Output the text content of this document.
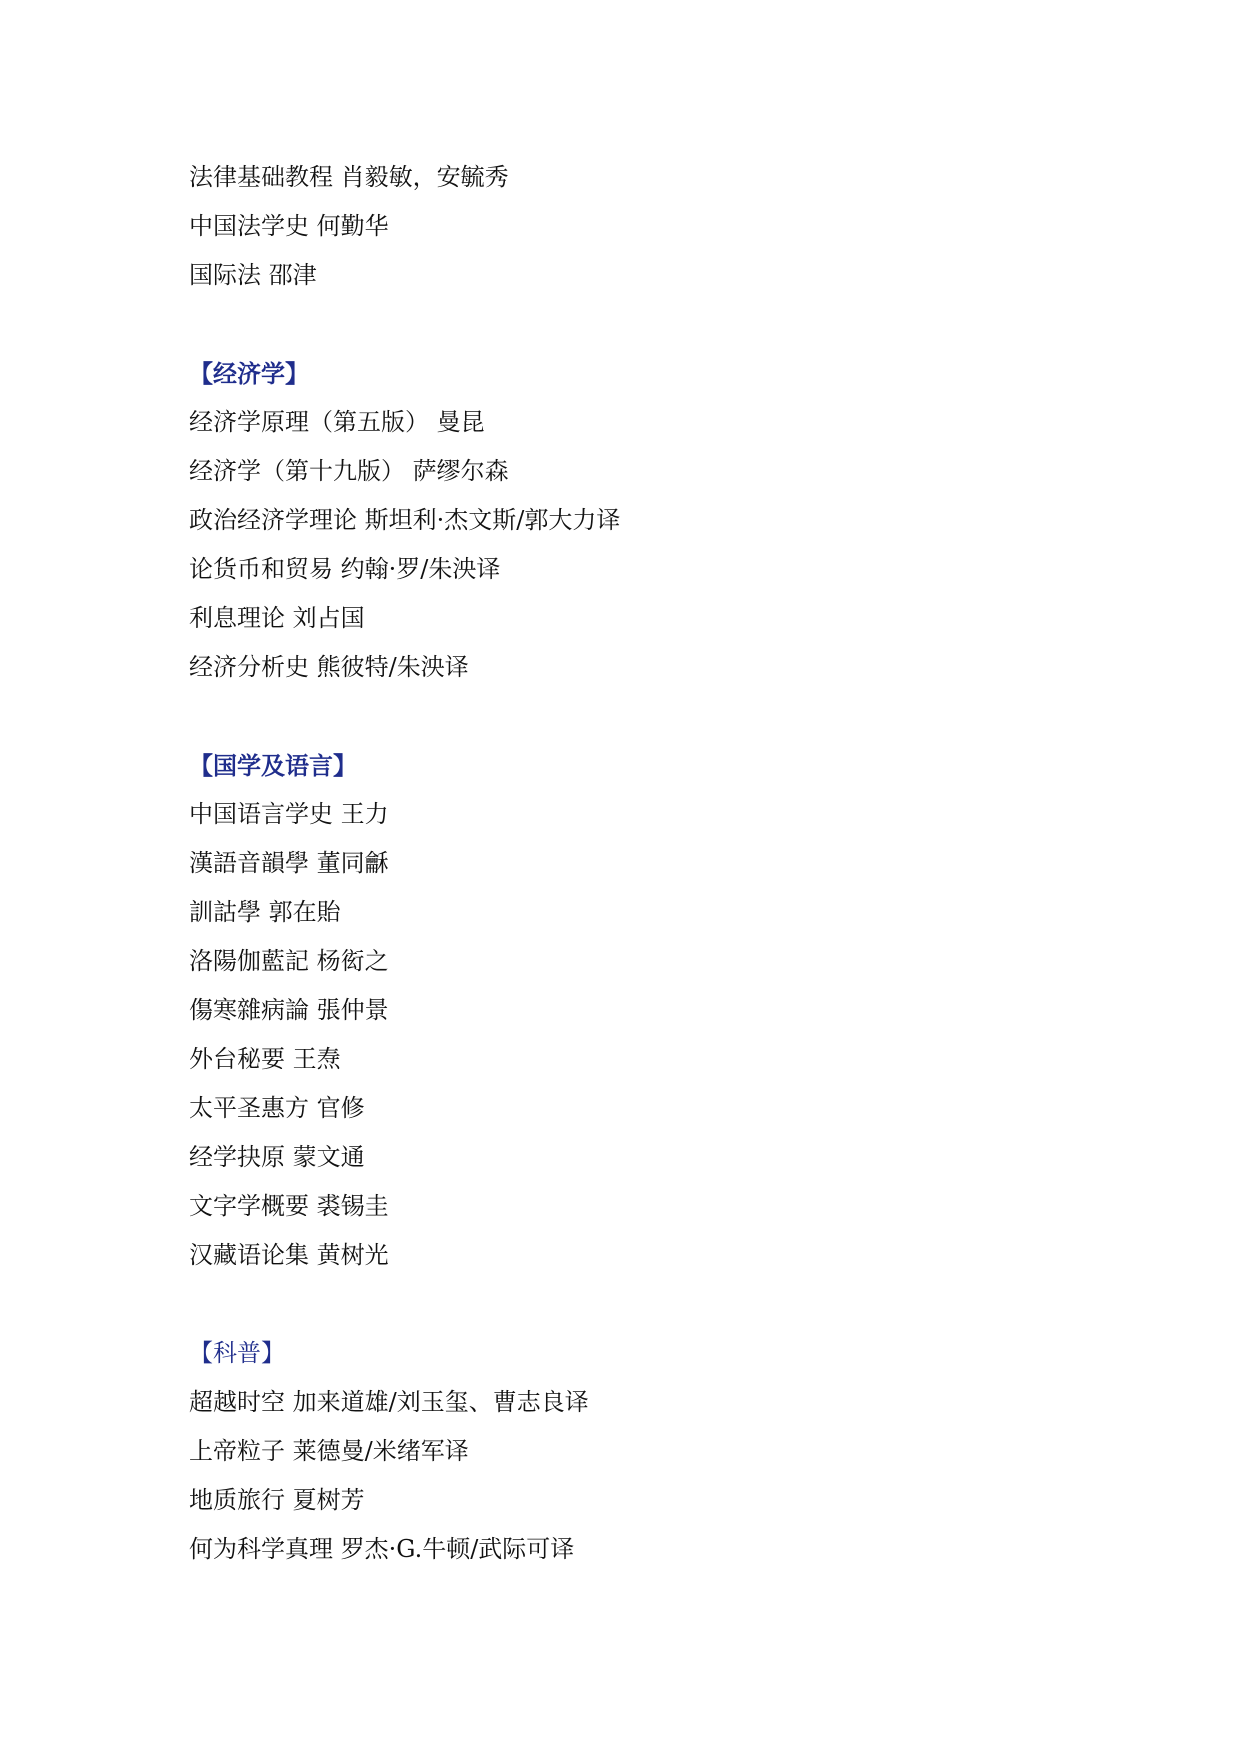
法律基础教程 肖毅敏，安毓秀

中国法学史 何勤华

国际法 邵津

【经济学】

经济学原理（第五版） 曼昆

经济学（第十九版） 萨缪尔森

政治经济学理论 斯坦利·杰文斯/郭大力译

论货币和贸易 约翰·罗/朱泱译

利息理论 刘占国

经济分析史 熊彼特/朱泱译

【国学及语言】

中国语言学史 王力

漢語音韻學 董同龢

訓詁學 郭在貽

洛陽伽藍記 杨衒之

傷寒雜病論 張仲景

外台秘要 王焘

太平圣惠方 官修

经学抉原 蒙文通

文字学概要 裘锡圭

汉藏语论集 黄树光

【科普】

超越时空 加来道雄/刘玉玺、曹志良译

上帝粒子 莱德曼/米绪军译

地质旅行 夏树芳

何为科学真理 罗杰·G.牛顿/武际可译
